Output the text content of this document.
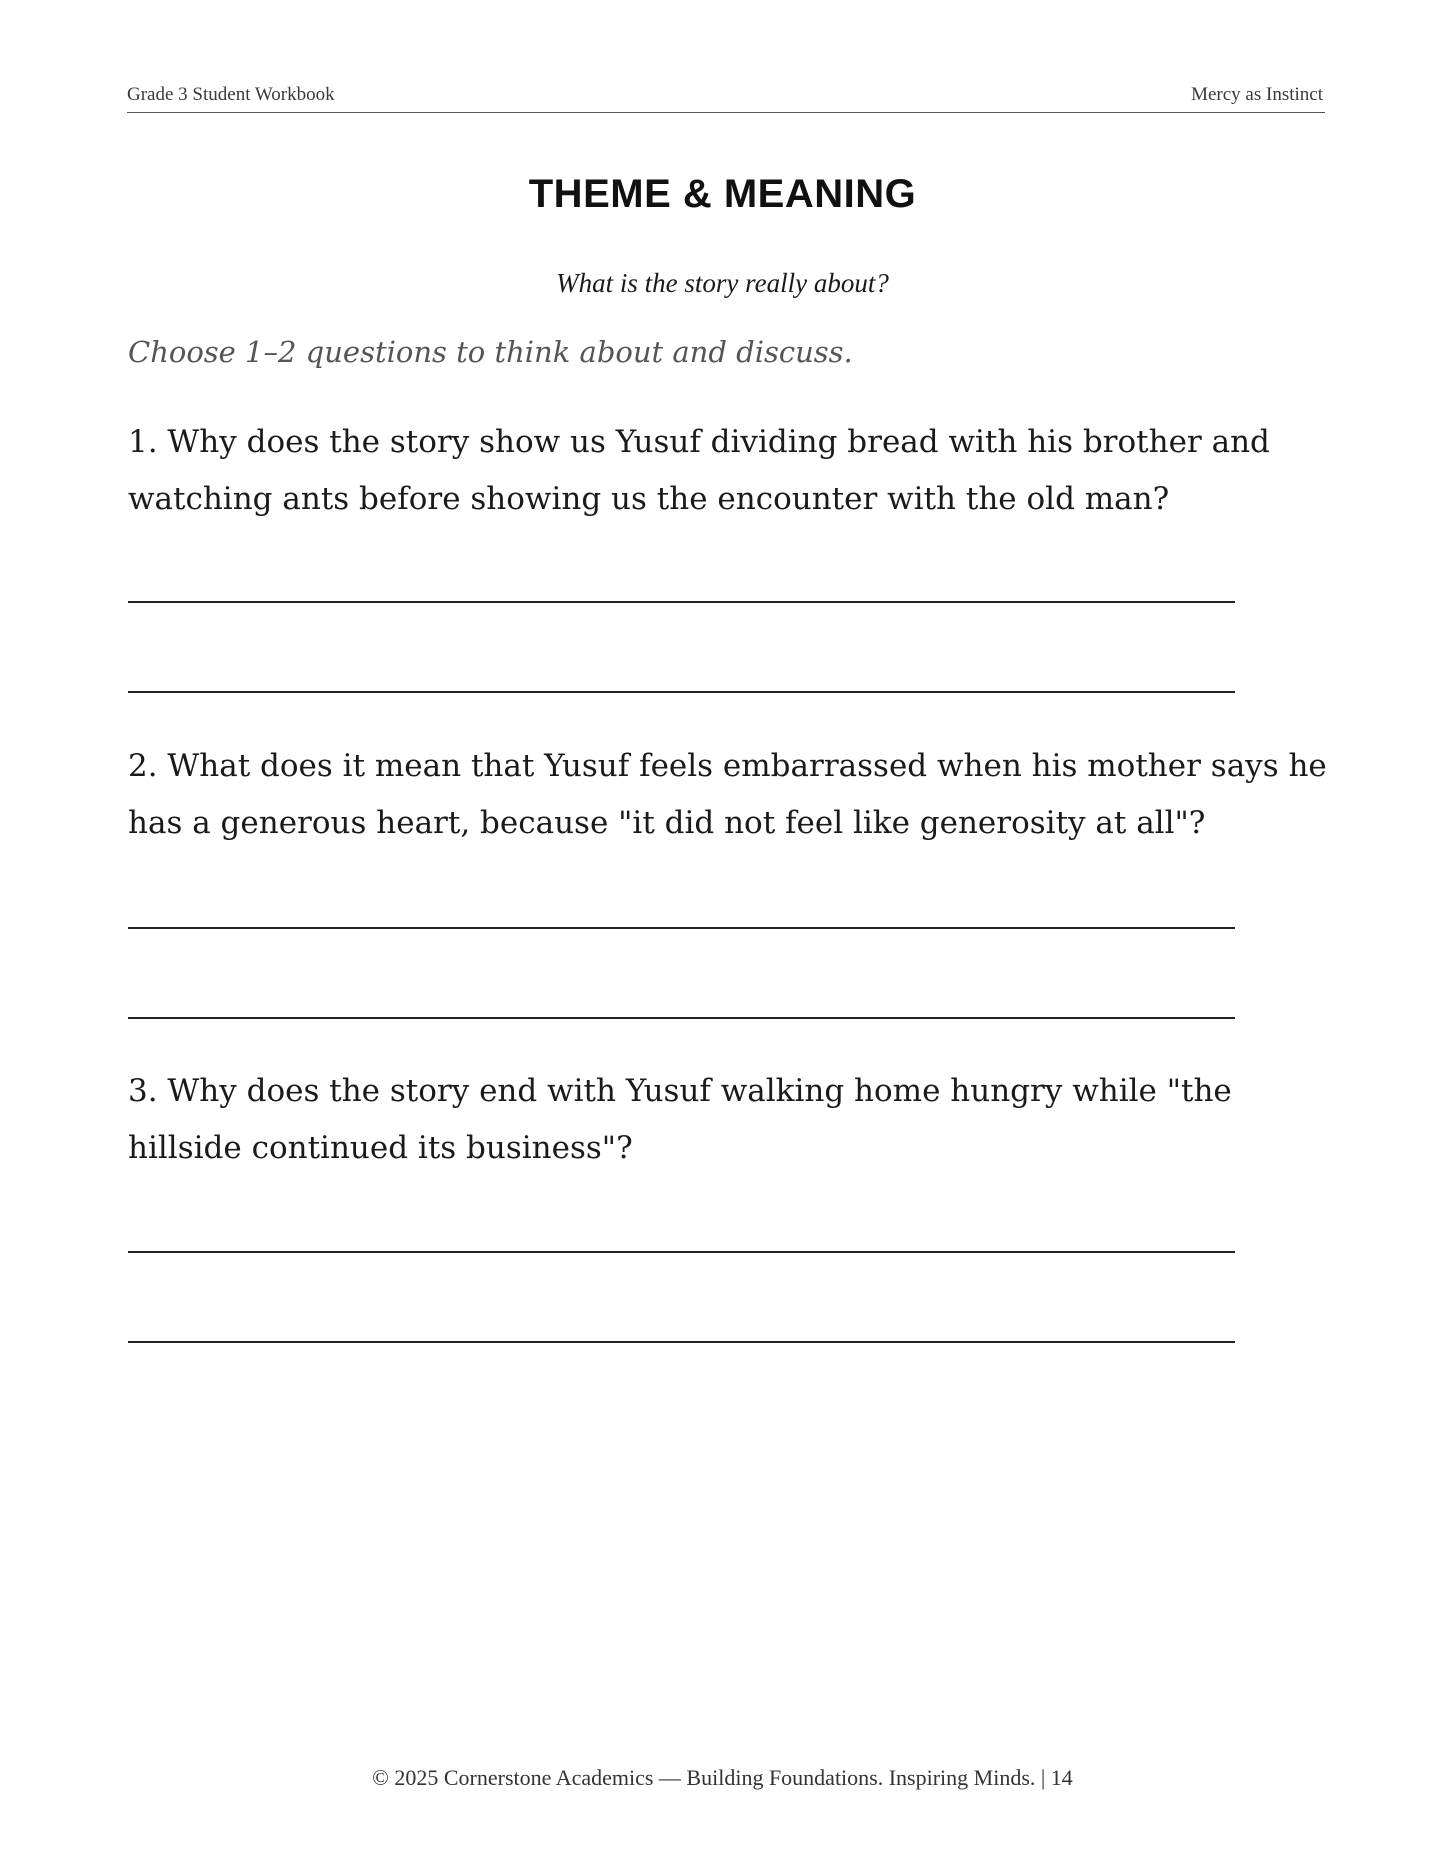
Grade 3 Student Workbook	Mercy as Instinct
THEME & MEANING
What is the story really about?
Choose 1–2 questions to think about and discuss.
1. Why does the story show us Yusuf dividing bread with his brother and watching ants before showing us the encounter with the old man?
2. What does it mean that Yusuf feels embarrassed when his mother says he has a generous heart, because "it did not feel like generosity at all"?
3. Why does the story end with Yusuf walking home hungry while "the hillside continued its business"?
© 2025 Cornerstone Academics — Building Foundations. Inspiring Minds. | 14
